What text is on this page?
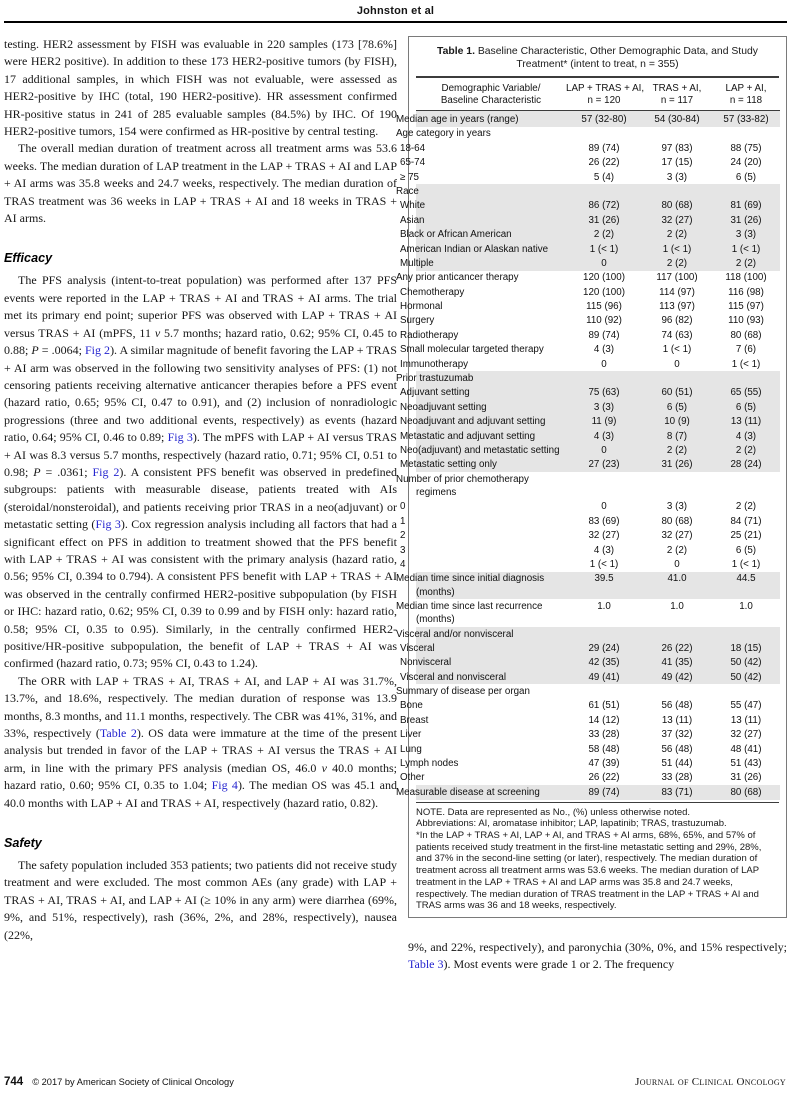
Johnston et al

testing. HER2 assessment by FISH was evaluable in 220 samples (173 [78.6%] were HER2 positive). In addition to these 173 HER2-positive tumors (by FISH), 17 additional samples, in which FISH was not evaluable, were assessed as HER2-positive by IHC (total, 190 HER2-positive). HR assessment confirmed HR-positive status in 241 of 285 evaluable samples (84.5%) by IHC. Of 190 HER2-positive tumors, 154 were confirmed as HR-positive by central testing.

The overall median duration of treatment across all treatment arms was 53.6 weeks. The median duration of LAP treatment in the LAP + TRAS + AI and LAP + AI arms was 35.8 weeks and 24.7 weeks, respectively. The median duration of TRAS treatment was 36 weeks in LAP + TRAS + AI and 18 weeks in TRAS + AI arms.

Efficacy

The PFS analysis (intent-to-treat population) was performed after 137 PFS events were reported in the LAP + TRAS + AI and TRAS + AI arms. The trial met its primary end point; superior PFS was observed with LAP + TRAS + AI versus TRAS + AI (mPFS, 11 v 5.7 months; hazard ratio, 0.62; 95% CI, 0.45 to 0.88; P = .0064; Fig 2). A similar magnitude of benefit favoring the LAP + TRAS + AI arm was observed in the following two sensitivity analyses of PFS: (1) not censoring patients receiving alternative anticancer therapies before a PFS event (hazard ratio, 0.65; 95% CI, 0.47 to 0.91), and (2) inclusion of nonradiologic progressions (three and two additional events, respectively) as events (hazard ratio, 0.64; 95% CI, 0.46 to 0.89; Fig 3). The mPFS with LAP + AI versus TRAS + AI was 8.3 versus 5.7 months, respectively (hazard ratio, 0.71; 95% CI, 0.51 to 0.98; P = .0361; Fig 2). A consistent PFS benefit was observed in predefined subgroups: patients with measurable disease, patients treated with AIs (steroidal/nonsteroidal), and patients receiving prior TRAS in a neo(adjuvant) or metastatic setting (Fig 3). Cox regression analysis including all factors that had a significant effect on PFS in addition to treatment showed that the PFS benefit with LAP + TRAS + AI was consistent with the primary analysis (hazard ratio, 0.56; 95% CI, 0.394 to 0.794). A consistent PFS benefit with LAP + TRAS + AI was observed in the centrally confirmed HER2-positive subpopulation (by FISH or IHC: hazard ratio, 0.62; 95% CI, 0.39 to 0.99 and by FISH only: hazard ratio, 0.58; 95% CI, 0.35 to 0.95). Similarly, in the centrally confirmed HER2-positive/HR-positive subpopulation, the benefit of LAP + TRAS + AI was confirmed (hazard ratio, 0.73; 95% CI, 0.43 to 1.24).

The ORR with LAP + TRAS + AI, TRAS + AI, and LAP + AI was 31.7%, 13.7%, and 18.6%, respectively. The median duration of response was 13.9 months, 8.3 months, and 11.1 months, respectively. The CBR was 41%, 31%, and 33%, respectively (Table 2). OS data were immature at the time of the present analysis but trended in favor of the LAP + TRAS + AI versus the TRAS + AI arm, in line with the primary PFS analysis (median OS, 46.0 v 40.0 months; hazard ratio, 0.60; 95% CI, 0.35 to 1.04; Fig 4). The median OS was 45.1 and 40.0 months with LAP + AI and TRAS + AI, respectively (hazard ratio, 0.82).

Safety

The safety population included 353 patients; two patients did not receive study treatment and were excluded. The most common AEs (any grade) with LAP + TRAS + AI, TRAS + AI, and LAP + AI (≥ 10% in any arm) were diarrhea (69%, 9%, and 51%, respectively), rash (36%, 2%, and 28%, respectively), nausea (22%,

Table 1. Baseline Characteristic, Other Demographic Data, and Study Treatment* (intent to treat, n = 355)
Demographic Variable/
Baseline Characteristic

LAP + TRAS + AI,
n = 120

TRAS + AI,
n = 117

LAP + AI,
n = 118

Median age in years (range)	57 (32-80)	54 (30-84)	57 (33-82)
Age category in years			
18-64	89 (74)	97 (83)	88 (75)
65-74	26 (22)	17 (15)	24 (20)
≥ 75	5 (4)	3 (3)	6 (5)
Race			
White	86 (72)	80 (68)	81 (69)
Asian	31 (26)	32 (27)	31 (26)
Black or African American	2 (2)	2 (2)	3 (3)
American Indian or Alaskan native	1 (< 1)	1 (< 1)	1 (< 1)
Multiple	0	2 (2)	2 (2)
Any prior anticancer therapy	120 (100)	117 (100)	118 (100)
Chemotherapy	120 (100)	114 (97)	116 (98)
Hormonal	115 (96)	113 (97)	115 (97)
Surgery	110 (92)	96 (82)	110 (93)
Radiotherapy	89 (74)	74 (63)	80 (68)
Small molecular targeted therapy	4 (3)	1 (< 1)	7 (6)
Immunotherapy	0	0	1 (< 1)
Prior trastuzumab			
Adjuvant setting	75 (63)	60 (51)	65 (55)
Neoadjuvant setting	3 (3)	6 (5)	6 (5)
Neoadjuvant and adjuvant setting	11 (9)	10 (9)	13 (11)
Metastatic and adjuvant setting	4 (3)	8 (7)	4 (3)
Neo(adjuvant) and metastatic setting	0	2 (2)	2 (2)
Metastatic setting only	27 (23)	31 (26)	28 (24)
Number of prior chemotherapy regimens			
0	0	3 (3)	2 (2)
1	83 (69)	80 (68)	84 (71)
2	32 (27)	32 (27)	25 (21)
3	4 (3)	2 (2)	6 (5)
4	1 (< 1)	0	1 (< 1)
Median time since initial diagnosis (months)	39.5	41.0	44.5
Median time since last recurrence (months)	1.0	1.0	1.0
Visceral and/or nonvisceral			
Visceral	29 (24)	26 (22)	18 (15)
Nonvisceral	42 (35)	41 (35)	50 (42)
Visceral and nonvisceral	49 (41)	49 (42)	50 (42)
Summary of disease per organ			
Bone	61 (51)	56 (48)	55 (47)
Breast	14 (12)	13 (11)	13 (11)
Liver	33 (28)	37 (32)	32 (27)
Lung	58 (48)	56 (48)	48 (41)
Lymph nodes	47 (39)	51 (44)	51 (43)
Other	26 (22)	33 (28)	31 (26)
Measurable disease at screening	89 (74)	83 (71)	80 (68)
NOTE. Data are represented as No., (%) unless otherwise noted.
Abbreviations: AI, aromatase inhibitor; LAP, lapatinib; TRAS, trastuzumab.
*In the LAP + TRAS + AI, LAP + AI, and TRAS + AI arms, 68%, 65%, and 57% of patients received study treatment in the first-line metastatic setting and 29%, 28%, and 37% in the second-line setting (or later), respectively. The median duration of treatment across all treatment arms was 53.6 weeks. The median duration of LAP treatment in the LAP + TRAS + AI and LAP arms was 35.8 and 24.7 weeks, respectively. The median duration of TRAS treatment in the LAP + TRAS + AI and TRAS arms was 36 and 18 weeks, respectively.

9%, and 22%, respectively), and paronychia (30%, 0%, and 15% respectively; Table 3). Most events were grade 1 or 2. The frequency

744 © 2017 by American Society of Clinical Oncology	Journal of Clinical Oncology
